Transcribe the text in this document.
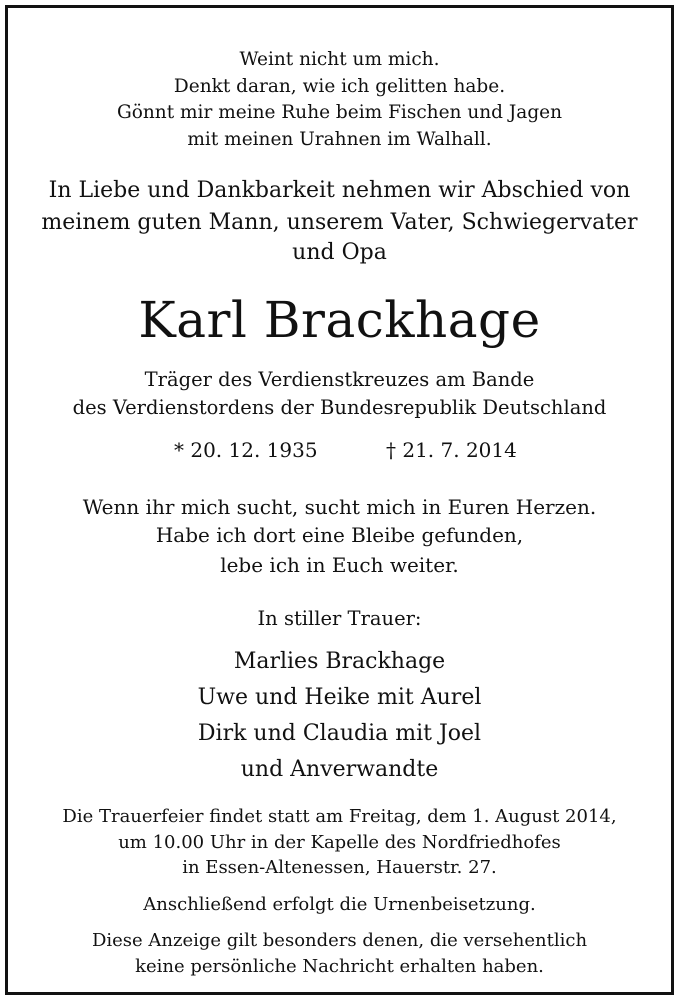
Weint nicht um mich.
Denkt daran, wie ich gelitten habe.
Gönnt mir meine Ruhe beim Fischen und Jagen
mit meinen Urahnen im Walhall.
In Liebe und Dankbarkeit nehmen wir Abschied von
meinem guten Mann, unserem Vater, Schwiegervater
und Opa
Karl Brackhage
Träger des Verdienstkreuzes am Bande
des Verdienstordens der Bundesrepublik Deutschland
* 20. 12. 1935	† 21. 7. 2014
Wenn ihr mich sucht, sucht mich in Euren Herzen.
Habe ich dort eine Bleibe gefunden,
lebe ich in Euch weiter.
In stiller Trauer:
Marlies Brackhage
Uwe und Heike mit Aurel
Dirk und Claudia mit Joel
und Anverwandte
Die Trauerfeier findet statt am Freitag, dem 1. August 2014,
um 10.00 Uhr in der Kapelle des Nordfriedhofes
in Essen-Altenessen, Hauerstr. 27.
Anschließend erfolgt die Urnenbeisetzung.
Diese Anzeige gilt besonders denen, die versehentlich
keine persönliche Nachricht erhalten haben.
